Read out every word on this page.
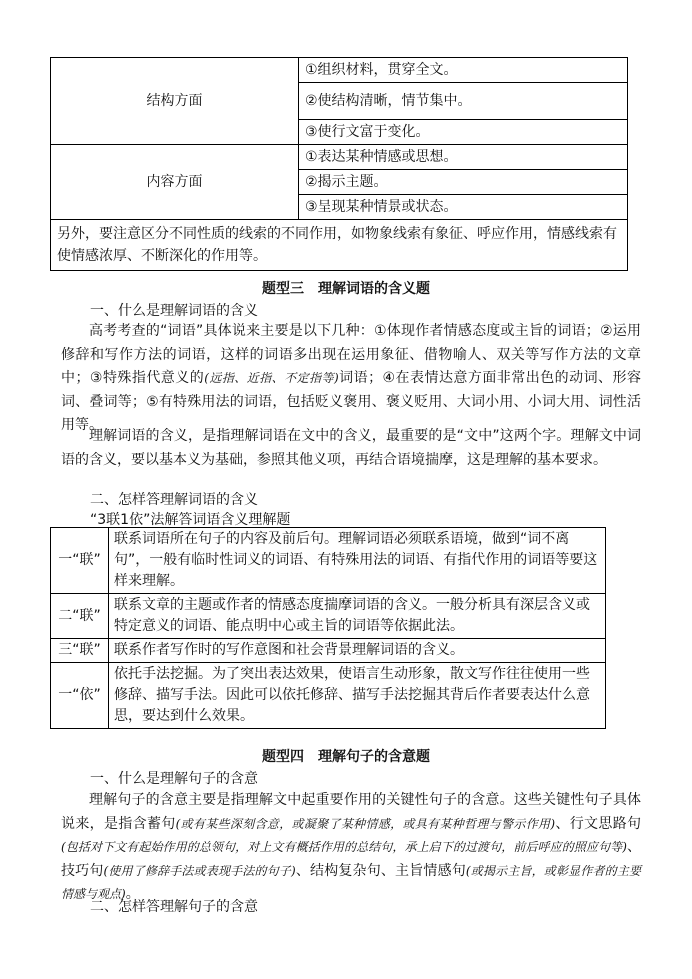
结构方面	①组织材料，贯穿全文。
	②使结构清晰，情节集中。
	③使行文富于变化。
内容方面	①表达某种情感或思想。
	②揭示主题。
	③呈现某种情景或状态。
另外，要注意区分不同性质的线索的不同作用，如物象线索有象征、呼应作用，情感线索有使情感浓厚、不断深化的作用等。	
题型三　理解词语的含义题
一、什么是理解词语的含义
高考考查的“词语”具体说来主要是以下几种：①体现作者情感态度或主旨的词语；②运用修辞和写作方法的词语，这样的词语多出现在运用象征、借物喻人、双关等写作方法的文章中；③特殊指代意义的(远指、近指、不定指等)词语；④在表情达意方面非常出色的动词、形容词、叠词等；⑤有特殊用法的词语，包括贬义褒用、褒义贬用、大词小用、小词大用、词性活用等。
理解词语的含义，是指理解词语在文中的含义，最重要的是“文中”这两个字。理解文中词语的含义，要以基本义为基础，参照其他义项，再结合语境揣摩，这是理解的基本要求。
二、怎样答理解词语的含义
“3联1依”法解答词语含义理解题
一“联”	联系词语所在句子的内容及前后句。理解词语必须联系语境，做到“词不离句”，一般有临时性词义的词语、有特殊用法的词语、有指代作用的词语等要这样来理解。
二“联”	联系文章的主题或作者的情感态度揣摩词语的含义。一般分析具有深层含义或特定意义的词语、能点明中心或主旨的词语等依据此法。
三“联”	联系作者写作时的写作意图和社会背景理解词语的含义。
一“依”	依托手法挖掘。为了突出表达效果，使语言生动形象，散文写作往往使用一些修辞、描写手法。因此可以依托修辞、描写手法挖掘其背后作者要表达什么意思，要达到什么效果。
题型四　理解句子的含意题
一、什么是理解句子的含意
理解句子的含意主要是指理解文中起重要作用的关键性句子的含意。这些关键性句子具体说来，是指含蓄句(或有某些深刻含意，或凝聚了某种情感，或具有某种哲理与警示作用)、行文思路句(包括对下文有起始作用的总领句，对上文有概括作用的总结句，承上启下的过渡句，前后呼应的照应句等)、技巧句(使用了修辞手法或表现手法的句子)、结构复杂句、主旨情感句(或揭示主旨，或彰显作者的主要情感与观点)。
二、怎样答理解句子的含意
